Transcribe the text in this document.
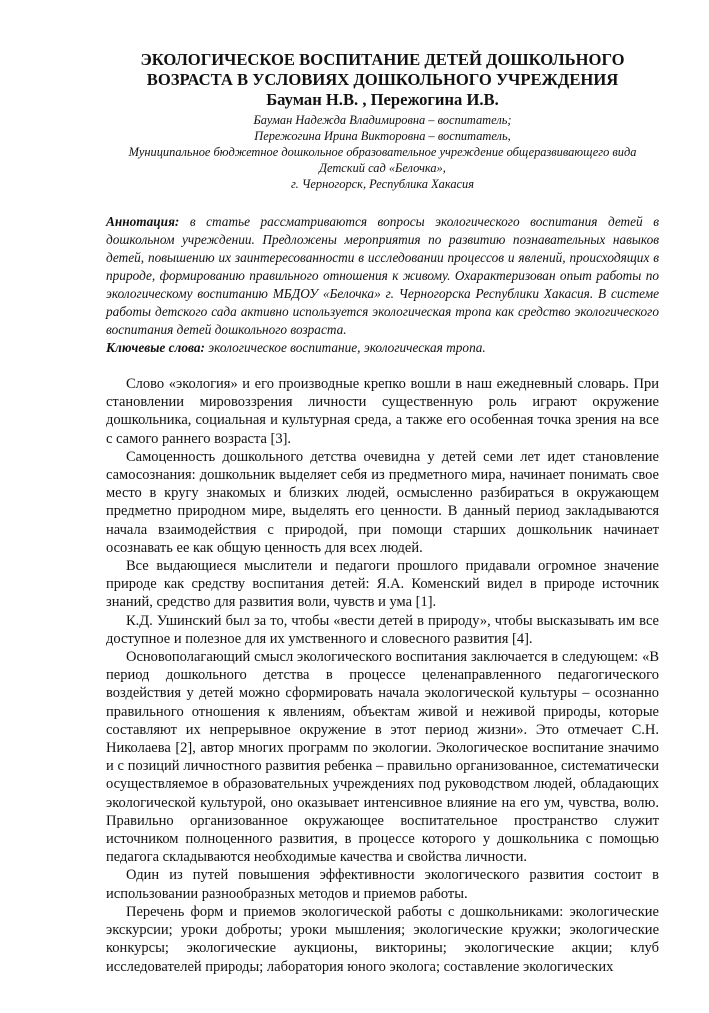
ЭКОЛОГИЧЕСКОЕ ВОСПИТАНИЕ ДЕТЕЙ ДОШКОЛЬНОГО

ВОЗРАСТА В УСЛОВИЯХ ДОШКОЛЬНОГО УЧРЕЖДЕНИЯ

Бауман Н.В. , Пережогина И.В.

Бауман Надежда Владимировна – воспитатель;

Пережогина Ирина Викторовна – воспитатель,

Муниципальное бюджетное дошкольное образовательное учреждение общеразвивающего вида

Детский сад «Белочка»,

г. Черногорск, Республика Хакасия

Аннотация: в статье рассматриваются вопросы экологического воспитания детей в дошкольном учреждении. Предложены мероприятия по развитию познавательных навыков детей, повышению их заинтересованности в исследовании процессов и явлений, происходящих в природе, формированию правильного отношения к живому. Охарактеризован опыт работы по экологическому воспитанию МБДОУ «Белочка» г. Черногорска Республики Хакасия. В системе работы детского сада активно используется экологическая тропа как средство экологического воспитания детей дошкольного возраста.
Ключевые слова: экологическое воспитание, экологическая тропа.

Слово «экология» и его производные крепко вошли в наш ежедневный словарь. При становлении мировоззрения личности существенную роль играют окружение дошкольника, социальная и культурная среда, а также его особенная точка зрения на все с самого раннего возраста [3].

Самоценность дошкольного детства очевидна у детей семи лет идет становление самосознания: дошкольник выделяет себя из предметного мира, начинает понимать свое место в кругу знакомых и близких людей, осмысленно разбираться в окружающем предметно природном мире, выделять его ценности. В данный период закладываются начала взаимодействия с природой, при помощи старших дошкольник начинает осознавать ее как общую ценность для всех людей.

Все выдающиеся мыслители и педагоги прошлого придавали огромное значение природе как средству воспитания детей: Я.А. Коменский видел в природе источник знаний, средство для развития воли, чувств и ума [1].

К.Д. Ушинский был за то, чтобы «вести детей в природу», чтобы высказывать им все доступное и полезное для их умственного и словесного развития [4].

Основополагающий смысл экологического воспитания заключается в следующем: «В период дошкольного детства в процессе целенаправленного педагогического воздействия у детей можно сформировать начала экологической культуры – осознанно правильного отношения к явлениям, объектам живой и неживой природы, которые составляют их непрерывное окружение в этот период жизни». Это отмечает С.Н. Николаева [2], автор многих программ по экологии. Экологическое воспитание значимо и с позиций личностного развития ребенка – правильно организованное, систематически осуществляемое в образовательных учреждениях под руководством людей, обладающих экологической культурой, оно оказывает интенсивное влияние на его ум, чувства, волю. Правильно организованное окружающее воспитательное пространство служит источником полноценного развития, в процессе которого у дошкольника с помощью педагога складываются необходимые качества и свойства личности.

Один из путей повышения эффективности экологического развития состоит в использовании разнообразных методов и приемов работы.

Перечень форм и приемов экологической работы с дошкольниками: экологические экскурсии; уроки доброты; уроки мышления; экологические кружки; экологические конкурсы; экологические аукционы, викторины; экологические акции; клуб исследователей природы; лаборатория юного эколога; составление экологических
